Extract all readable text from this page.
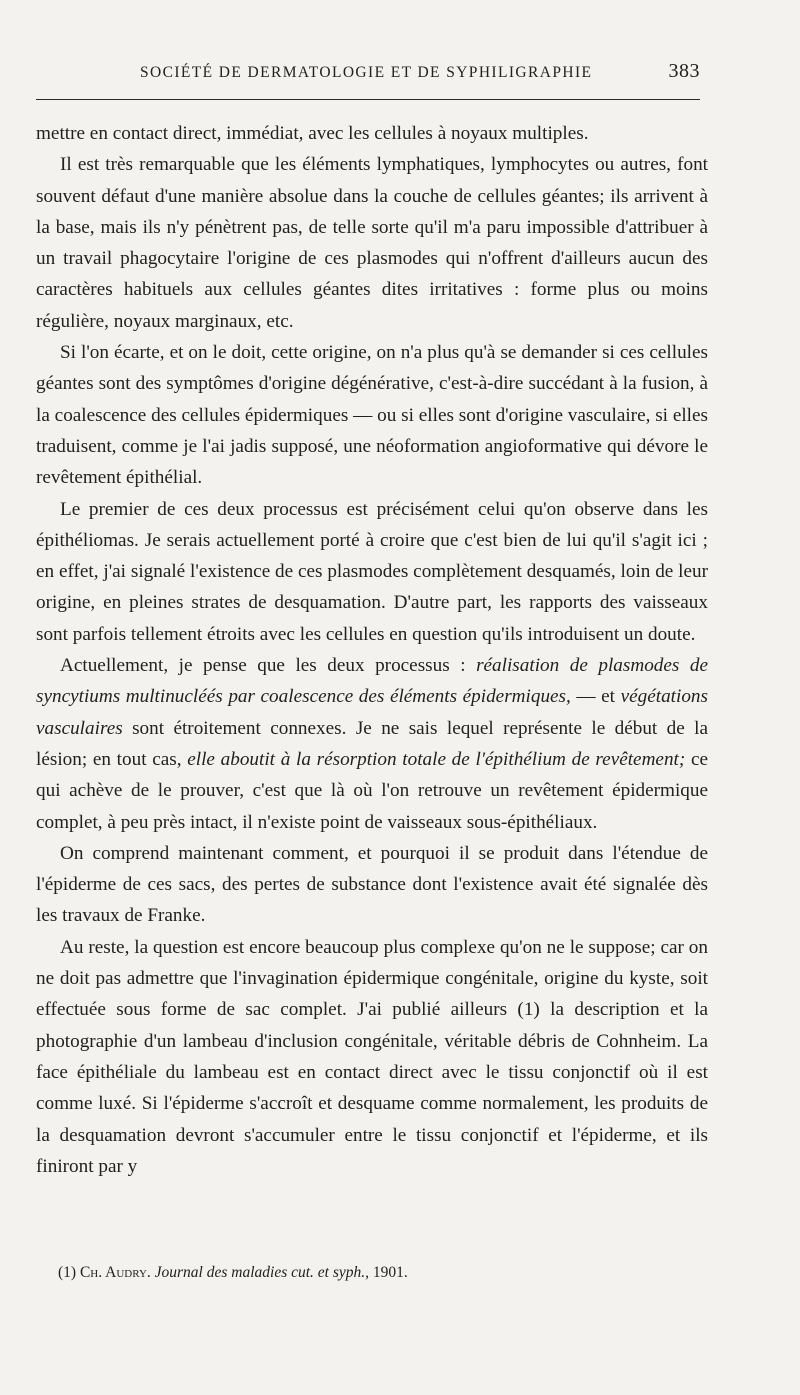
SOCIÉTÉ DE DERMATOLOGIE ET DE SYPHILIGRAPHIE	383

mettre en contact direct, immédiat, avec les cellules à noyaux multiples.

Il est très remarquable que les éléments lymphatiques, lymphocytes ou autres, font souvent défaut d'une manière absolue dans la couche de cellules géantes; ils arrivent à la base, mais ils n'y pénètrent pas, de telle sorte qu'il m'a paru impossible d'attribuer à un travail phagocytaire l'origine de ces plasmodes qui n'offrent d'ailleurs aucun des caractères habituels aux cellules géantes dites irritatives : forme plus ou moins régulière, noyaux marginaux, etc.

Si l'on écarte, et on le doit, cette origine, on n'a plus qu'à se demander si ces cellules géantes sont des symptômes d'origine dégénérative, c'est-à-dire succédant à la fusion, à la coalescence des cellules épidermiques — ou si elles sont d'origine vasculaire, si elles traduisent, comme je l'ai jadis supposé, une néoformation angioformative qui dévore le revêtement épithélial.

Le premier de ces deux processus est précisément celui qu'on observe dans les épithéliomas. Je serais actuellement porté à croire que c'est bien de lui qu'il s'agit ici ; en effet, j'ai signalé l'existence de ces plasmodes complètement desquamés, loin de leur origine, en pleines strates de desquamation. D'autre part, les rapports des vaisseaux sont parfois tellement étroits avec les cellules en question qu'ils introduisent un doute.

Actuellement, je pense que les deux processus : réalisation de plasmodes de syncytiums multinucléés par coalescence des éléments épidermiques, — et végétations vasculaires sont étroitement connexes. Je ne sais lequel représente le début de la lésion; en tout cas, elle aboutit à la résorption totale de l'épithélium de revêtement; ce qui achève de le prouver, c'est que là où l'on retrouve un revêtement épidermique complet, à peu près intact, il n'existe point de vaisseaux sous-épithéliaux.

On comprend maintenant comment, et pourquoi il se produit dans l'étendue de l'épiderme de ces sacs, des pertes de substance dont l'existence avait été signalée dès les travaux de Franke.

Au reste, la question est encore beaucoup plus complexe qu'on ne le suppose; car on ne doit pas admettre que l'invagination épidermique congénitale, origine du kyste, soit effectuée sous forme de sac complet. J'ai publié ailleurs (1) la description et la photographie d'un lambeau d'inclusion congénitale, véritable débris de Cohnheim. La face épithéliale du lambeau est en contact direct avec le tissu conjonctif où il est comme luxé. Si l'épiderme s'accroît et desquame comme normalement, les produits de la desquamation devront s'accumuler entre le tissu conjonctif et l'épiderme, et ils finiront par y

(1) Ch. Audry. Journal des maladies cut. et syph., 1901.
